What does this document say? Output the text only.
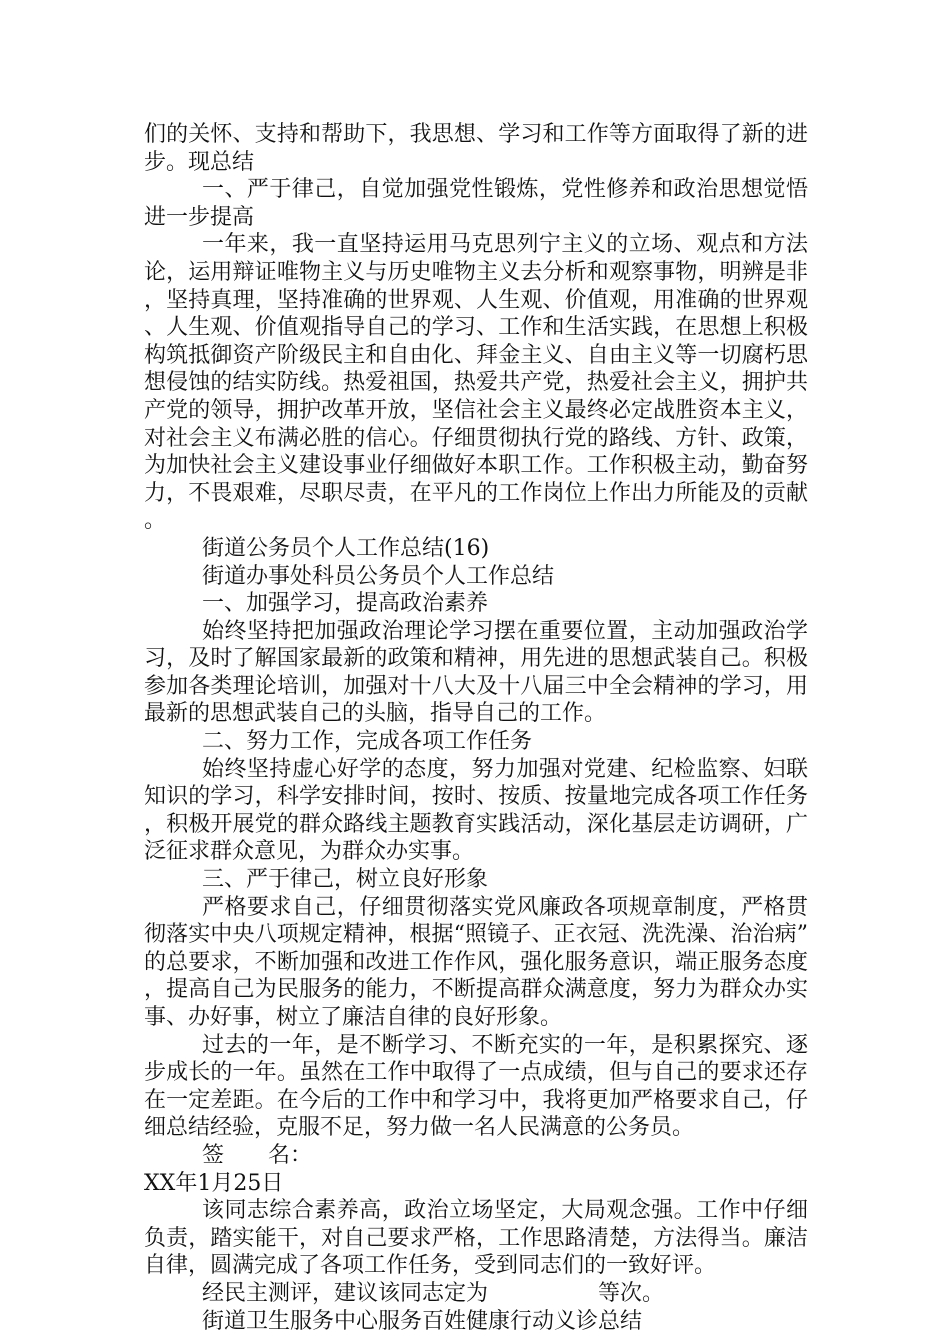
们的关怀、支持和帮助下，我思想、学习和工作等方面取得了新的进步。现总结

一、严于律己，自觉加强党性锻炼，党性修养和政治思想觉悟进一步提高

一年来，我一直坚持运用马克思列宁主义的立场、观点和方法论，运用辩证唯物主义与历史唯物主义去分析和观察事物，明辨是非，坚持真理，坚持准确的世界观、人生观、价值观，用准确的世界观、人生观、价值观指导自己的学习、工作和生活实践，在思想上积极构筑抵御资产阶级民主和自由化、拜金主义、自由主义等一切腐朽思想侵蚀的结实防线。热爱祖国，热爱共产党，热爱社会主义，拥护共产党的领导，拥护改革开放，坚信社会主义最终必定战胜资本主义，对社会主义布满必胜的信心。仔细贯彻执行党的路线、方针、政策，为加快社会主义建设事业仔细做好本职工作。工作积极主动，勤奋努力，不畏艰难，尽职尽责，在平凡的工作岗位上作出力所能及的贡献。

街道公务员个人工作总结(16)

街道办事处科员公务员个人工作总结

一、加强学习，提高政治素养

始终坚持把加强政治理论学习摆在重要位置，主动加强政治学习，及时了解国家最新的政策和精神，用先进的思想武装自己。积极参加各类理论培训，加强对十八大及十八届三中全会精神的学习，用最新的思想武装自己的头脑，指导自己的工作。

二、努力工作，完成各项工作任务

始终坚持虚心好学的态度，努力加强对党建、纪检监察、妇联知识的学习，科学安排时间，按时、按质、按量地完成各项工作任务，积极开展党的群众路线主题教育实践活动，深化基层走访调研，广泛征求群众意见，为群众办实事。

三、严于律己，树立良好形象

严格要求自己，仔细贯彻落实党风廉政各项规章制度，严格贯彻落实中央八项规定精神，根据“照镜子、正衣冠、洗洗澡、治治病”的总要求，不断加强和改进工作作风，强化服务意识，端正服务态度，提高自己为民服务的能力，不断提高群众满意度，努力为群众办实事、办好事，树立了廉洁自律的良好形象。

过去的一年，是不断学习、不断充实的一年，是积累探究、逐步成长的一年。虽然在工作中取得了一点成绩，但与自己的要求还存在一定差距。在今后的工作中和学习中，我将更加严格要求自己，仔细总结经验，克服不足，努力做一名人民满意的公务员。

签　　名：

XX年1月25日

该同志综合素养高，政治立场坚定，大局观念强。工作中仔细负责，踏实能干，对自己要求严格，工作思路清楚，方法得当。廉洁自律，圆满完成了各项工作任务，受到同志们的一致好评。

经民主测评，建议该同志定为	等次。

街道卫生服务中心服务百姓健康行动义诊总结
